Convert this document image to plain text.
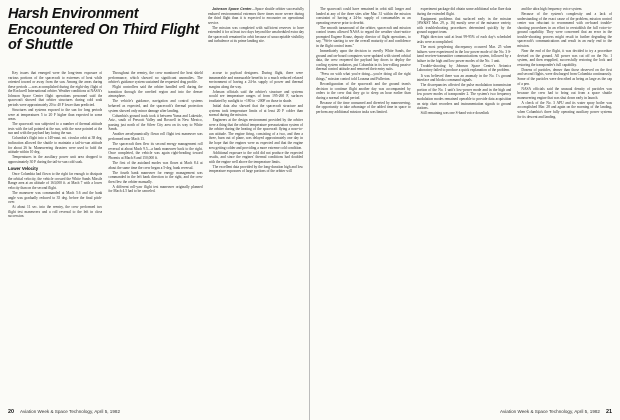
Harsh Environment Encountered On Third Flight of Shuttle

Johnson Space Center—Space shuttle orbiter successfully endured environmental extremes three times more severe during the third flight than it is expected to encounter on operational service.

The mission was completed with sufficient reserves to have extended it for at least two days beyond the unscheduled extra day the spacecraft remained in orbit because of unacceptable visibility and turbulence at its prime landing site.

Key issues that emerged were the long-term exposure of various portions of the spacecraft to extremes of heat while oriented toward or away from the sun. Among the areas during these periods —was accomplished during the eight-day flight of the Rockwell International orbiter. Weather conditions at NASA's Johnson Space Center flight operations personnel said the spacecraft showed that orbiter structures during cold soak periods were approximately 20 to 40 F lower than predicted.

Structures and systems exposed to the sun for long periods were at temperatures 5 to 20 F higher than expected in some areas.

The spacecraft was subjected to a number of thermal attitude tests with the tail pointed at the sun, with the nose pointed at the sun and with the payload bay facing the sun.

Columbia's flight into a 140-naut. mi. circular orbit at 38 deg. inclination allowed the shuttle to maintain a tail-to-sun attitude for about 26 hr. Maneuvering thrusters were used to hold the attitude within 10 deg.

Temperatures in the auxiliary power unit area dropped to approximately 30 F during the tail-to-sun cold soak.

Lower Velocity

Once Columbia had flown to the right far enough to dissipate the orbital velocity, the vehicle crossed the White Sands Missile Range area at an altitude of 163,000 ft. at Mach 7 with a lower velocity than on the second flight.

The maneuver was commanded at Mach 5.6 and the bank angle was gradually reduced to 35 deg. before the final pitch-over.

At about 11 sec. into the reentry, the crew performed two flight test maneuvers and a roll reversal to the left in close succession.

Throughout the reentry, the crew monitored the heat shield performance, which showed no significant anomalies. The orbiter's guidance system sustained the requested drag profile.

Flight controllers said the orbiter handled well during the transition through the rarefied region and into the denser atmosphere.

The vehicle's guidance, navigation and control systems behaved as expected, and the spacecraft's thermal protection system showed only minor damage after landing.

Columbia's ground track took it between Yuma and Lakeside, Ariz., south of Prescott Valley and Roswell in New Mexico, passing just north of the Silver City area on its way to White Sands.

Another aerodynamically flown roll flight test maneuver was performed near Mach 13.

The spacecraft then flew its second energy management roll reversal at about Mach 9.5—a bank maneuver back to the right. Once completed, the vehicle was again right-heading toward Phoenix at Mach 8 and 150,000 ft.

The first of the autoland modes was flown at Mach 8.4 at about the same time the crew began a 5-deg. bank reversal.

The fourth bank maneuver for energy management was commanded in the left bank direction to the right, and the crew then flew the orbiter manually.

A different roll-yaw flight test maneuver originally planned for Mach 4.5 had to be canceled.

accrue to payload designers. During flight, there were innumerable and measurable benefits to a much reduced relaxed environment of having a 24-hr. supply of power and thermal margins along the way.

Johnson officials said the orbiter's structure and systems would see temperature ranges of from 195-260 F, surfaces irradiated by sunlight to +180 to −200F on those in shade.

Initial data also showed that the spacecraft structure and systems took temperature limits of at least 20 F colder than normal during the mission.

Engineers at the design environment provided by the orbiter were a thing that the orbital temperature pressurization system of the orbiter during the heating of the spacecraft flying a nose-to-sun attitude. The engine firing, consisting of a two, and then a three, burn out of plane, was delayed approximately one day in the hope that the engines were as expected and that the engine area getting colder and providing a more extreme cold condition.

Additional exposure to the cold did not produce the expected results, and since the engines' thermal conditions had doubled with the engine well above the temperature limits.

The excellent data provided by the long-duration high and low temperature exposures of large portions of the orbiter will

20 Aviation Week & Space Technology, April 5, 1982

The spacecraft could have remained in orbit still longer and landed at any of the three sites after Mar. 31 within the mission constraint of having a 24-hr. supply of consumables as an operating reserve prior to deorbit.

The smooth turnaround of the orbiter, spacecraft and mission control teams allowed NASA to regard the weather short-notice prompted Eugene Kranz, deputy director of flight operations, to say, "We're starting to see the overall maturity of and confidence in the flight control team."

Immediately upon the decision to overfly White Sands, the ground and on-board computers were updated with stored orbital data, the crew reopened the payload bay doors to deploy the cooling system radiators, put Columbia in its low-rolling passive thermal control attitude and removed their entry suits.

"Press on with what you're doing—you're doing all the right things," mission control told Lousma and Fullerton.

Reconfiguration of the spacecraft and the ground team's decision to continue flight another day was accompanied by orders to the crew that they go to sleep an hour earlier than during a normal orbital period.

Because of the time consumed and diverted by maneuvering, the opportunity to take advantage of the added time in space to perform any additional mission tasks was limited.

experiment package did obtain some additional solar flare data during the extended flight.

Equipment problems that surfaced early in the mission (AW&ST Mar. 29, p. 16) mostly were of the nuisance variety, with troubleshooting procedures determined quickly by the ground support team.

Flight directors said at least 99-95% of each day's scheduled tasks were accomplished.

The most perplexing discrepancy occurred Mar. 25 when failures were experienced in the low power mode of the No. 3 S-band receiver-transmitter communications system, followed by a failure in the high and low power modes of the No. 1 unit.

Trouble-shooting by Johnson Space Center's Avionics Laboratory failed to produce a quick explanation of the problem.

It was believed there was an anomaly in the No. 1's ground interface and blocks command signals.

The discrepancies affected the pulse modulation transmission portion of the No. 1 unit's low-power mode and in the high and low power modes of transponder 2. The system's two frequency modulation modes remained operable to provide data acquisition on strip chart recorders and instrumentation signals to ground stations.

Still remaining was one S-band voice downlink

and the ultra high frequency voice system.

Because of the system's complexity and a lack of understanding of the exact cause of the problem, mission control center was reluctant to recommend with on-board trouble-shooting procedures in an effort to reestablish the full voice-to-ground capability. They were concerned that an error in the trouble-shooting process might result in further degrading the spacecraft's communications and result in an early end to the mission.

Near the end of the flight, it was decided to try a procedure devised on the ground. All power was cut off on the No. 1 system, and then reapplied, successfully restoring the lock and restoring the transponder's full capability.

Dozens of particles, denser than those observed on the first and second flights, were discharged from Columbia continuously. Some of the particles were described as being as large as the cap of a pen.

NASA officials said the unusual density of particles was because the crew had to bring out from a space shuttle maneuvering engine that was shut down early in launch.

A check of the No. 3 APU and its water spray boiler was accomplished Mar. 28 and again on the morning of the landing, when Columbia's three fully operating auxiliary power systems for its descent and landing.

Aviation Week & Space Technology, April 5, 1982 21
